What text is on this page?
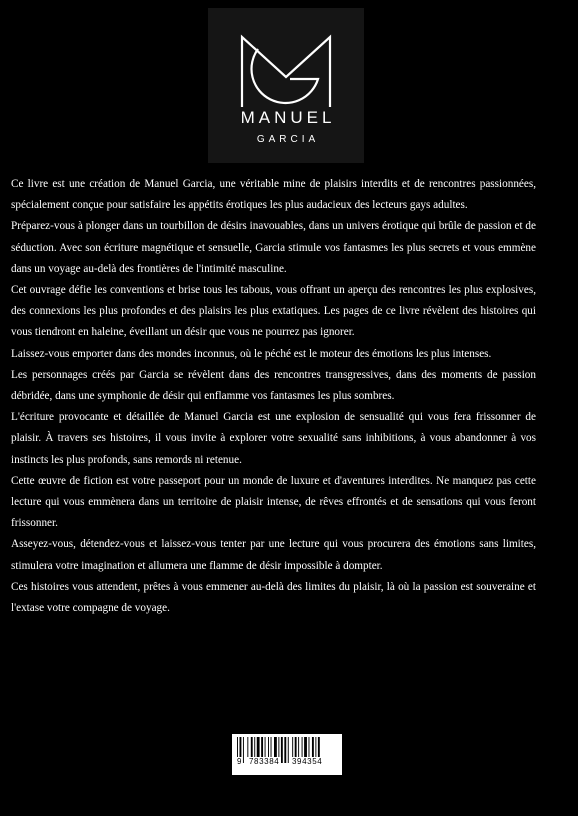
MANUEL
GARCIA

Ce livre est une création de Manuel Garcia, une véritable mine de plaisirs interdits et de rencontres passionnées, spécialement conçue pour satisfaire les appétits érotiques les plus audacieux des lecteurs gays adultes.

Préparez-vous à plonger dans un tourbillon de désirs inavouables, dans un univers érotique qui brûle de passion et de séduction. Avec son écriture magnétique et sensuelle, Garcia stimule vos fantasmes les plus secrets et vous emmène dans un voyage au-delà des frontières de l'intimité masculine.

Cet ouvrage défie les conventions et brise tous les tabous, vous offrant un aperçu des rencontres les plus explosives, des connexions les plus profondes et des plaisirs les plus extatiques. Les pages de ce livre révèlent des histoires qui vous tiendront en haleine, éveillant un désir que vous ne pourrez pas ignorer.

Laissez-vous emporter dans des mondes inconnus, où le péché est le moteur des émotions les plus intenses.

Les personnages créés par Garcia se révèlent dans des rencontres transgressives, dans des moments de passion débridée, dans une symphonie de désir qui enflamme vos fantasmes les plus sombres.

L'écriture provocante et détaillée de Manuel Garcia est une explosion de sensualité qui vous fera frissonner de plaisir. À travers ses histoires, il vous invite à explorer votre sexualité sans inhibitions, à vous abandonner à vos instincts les plus profonds, sans remords ni retenue.

Cette œuvre de fiction est votre passeport pour un monde de luxure et d'aventures interdites. Ne manquez pas cette lecture qui vous emmènera dans un territoire de plaisir intense, de rêves effrontés et de sensations qui vous feront frissonner.

Asseyez-vous, détendez-vous et laissez-vous tenter par une lecture qui vous procurera des émotions sans limites, stimulera votre imagination et allumera une flamme de désir impossible à dompter.

Ces histoires vous attendent, prêtes à vous emmener au-delà des limites du plaisir, là où la passion est souveraine et l'extase votre compagne de voyage.

9 783384 394354
